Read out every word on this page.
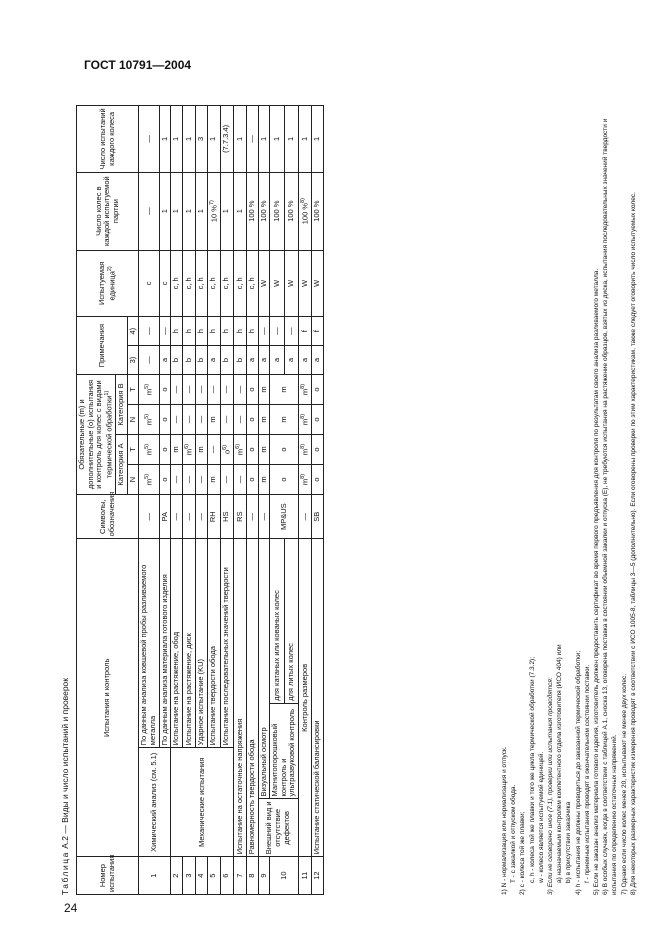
ГОСТ 10791—2004
Таблица А.2 — Виды и число испытаний и проверок
Номер испытания	Испытания и контроль				Символы, обозначения	Обязательные (m) и дополнительные (o) испытания и контроль для колес с видами термической обработки$^{1)}$				Примечания		Испытуемая единица$^{2)}$	Число колес в каждой испытуемой партии	Число испытаний каждого колеса
						Категория А		Категория В						
						N	T	N	T	3)	4)			
1	Химический анализ (см. 5.1)		По данным анализа ковшевой пробы разливаемого металла		—	$m^{5)}$	$m^{5)}$	$m^{5)}$	$m^{5)}$	—	—	c	—	—
			По данным анализа материала готового изделия		PA	o	o	o	o	a	—	c	1	1
2	Механические испытания		Испытание на растяжение, обод		—	—	m	—	—	b	h	c, h	1	1
3			Испытание на растяжение, диск		—	—	$m^{6)}$	—	—	b	h	c, h	1	1
4			Ударное испытание (KU)		—	—	m	—	—	b	h	c, h	1	3
5			Испытание твердости обода		RH	m	—	m	—	a	h	c, h	10 %$^{7)}$	1
6			Испытание последовательных значений твердости		HS	—	$o^{6)}$	—	—	b	h	c, h	1	(7.7.3.4)
7	Испытание на остаточные напряжения				RS	—	$m^{6)}$	—	—	b	h	c, h	1	1
8	Равномерность твердости обода				—	o	o	o	o	a	h	c, h	100 %	—
9	Внешний вид и отсутствие дефектов	Визуальный осмотр			—	m	m	m	m	a	—	W	100 %	1
10		Магнитопорошковый контроль и ультразвуковой контроль		для катаных или кованых колес	MP&US	o	o	m	m	a	—	W	100 %	1
				для литых колес						a	—	W	100 %	1
11	Контроль размеров				—	$m^{8)}$	$m^{8)}$	$m^{8)}$	$m^{8)}$	a	f	W	100 %$^{8)}$	1
12	Испытание статической балансировки				SB	o	o	o	o	a	f	W	100 %	1
1) N - нормализация или нормализация и отпуск. T - с закалкой и отпуском обода. 2) c - колеса той же плавки; c, h - колеса той же плавки и того же цикла термической обработки (7.3.2); w - колесо является испытуемой единицей. 3) Если не оговорено иное (7.1), проверки или испытания проводятся: a) назначаемым контролем компетентного отдела изготовителя (ИСО 404) или b) в присутствии заказчика 4) h - испытания не должны проводиться до заказанной термической обработки; f - приемные испытания проводят в окончательном состоянии поставки. 5) Если не заказан анализ материала готового изделия, изготовитель должен предоставить сертификат во время первого предъявления для контроля по результатам своего анализа разливаемого металла. 6) В особых случаях, когда в соответствии с таблицей А.1, сноска 13, оговорена поставка в состоянии объемной закалки и отпуска (E), не требуются испытания на растяжение образцов, взятых из диска, испытания последовательных значений твердости и испытания по определению остаточных напряжений. 7) Однако если число колес менее 20, испытывают не менее двух колес. 8) Для некоторых размерных характеристик измерения проводят в соответствии с ИСО 1005-8, таблицы 3—5 (дополнительно). Если оговорены проверки по этим характеристикам, также следует оговорить число испытуемых колес.
24
